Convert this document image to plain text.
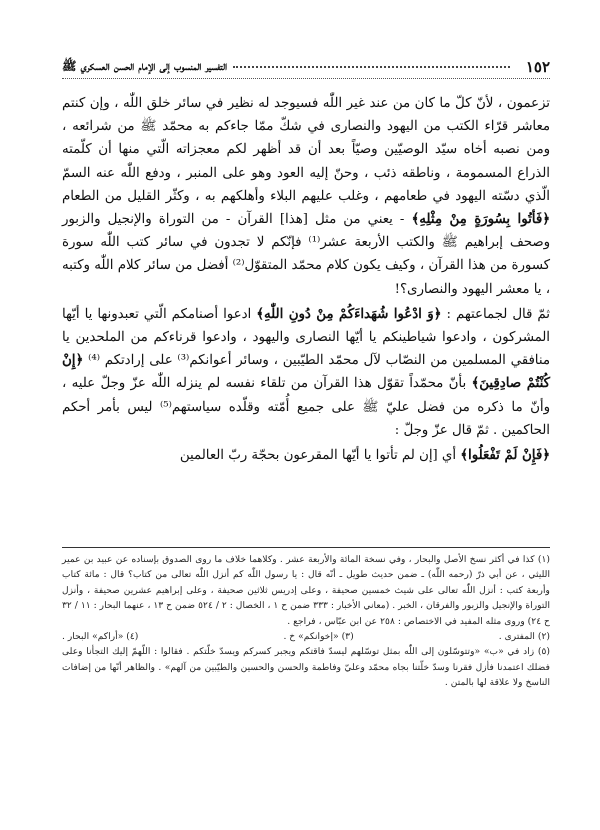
١٥٢
التفسير المنسوب إلى الإمام الحسن العسكري ﷺ

تزعمون ، لأنّ كلّ ما كان من عند غير اللّٰه فسيوجد له نظير في سائر خلق اللّٰه ، وإن كنتم معاشر قرّاء الكتب من اليهود والنصارى في شكّ ممّا جاءكم به محمّد ﷺ من شرائعه ، ومن نصبه أخاه سيّد الوصيّين وصيّاً بعد أن قد أظهر لكم معجزاته الّتي منها أن كلّمته الذراع المسمومة ، وناطقه ذئب ، وحنّ إليه العود وهو على المنبر ، ودفع اللّٰه عنه السمّ الّذي دسّته اليهود في طعامهم ، وغلب عليهم البلاء وأهلكهم به ، وكثّر القليل من الطعام ﴿فَأتُوا بِسُورَةٍ مِنْ مِثْلِهِ﴾ - يعني من مثل [هذا] القرآن - من التوراة والإنجيل والزبور وصحف إبراهيم ﷺ والكتب الأربعة عشر⁽¹⁾ فإنّكم لا تجدون في سائر كتب اللّٰه سورة كسورة من هذا القرآن ، وكيف يكون كلام محمّد المتقوّل⁽²⁾ أفضل من سائر كلام اللّٰه وكتبه ، يا معشر اليهود والنصارى؟!

ثمّ قال لجماعتهم : ﴿وَ ادْعُوا شُهَداءَكُمْ مِنْ دُونِ اللّٰهِ﴾ ادعوا أصنامكم الّتي تعبدونها يا أيّها المشركون ، وادعوا شياطينكم يا أيّها النصارى واليهود ، وادعوا قرناءكم من الملحدين يا منافقي المسلمين من النصّاب لآل محمّد الطيّبين ، وسائر أعوانكم⁽³⁾ على إرادتكم ⁽⁴⁾ ﴿إِنْ كُنْتُمْ صادِقِينَ﴾ بأنّ محمّداً تقوّل هذا القرآن من تلقاء نفسه لم ينزله اللّٰه عزّ وجلّ عليه ، وأنّ ما ذكره من فضل عليّ ﷺ على جميع أُمّته وقلّده سياستهم⁽⁵⁾ ليس بأمر أحكم الحاكمين . ثمّ قال عزّ وجلّ :

﴿فَإِنْ لَمْ تَفْعَلُوا﴾ أي [إن لم تأتوا يا أيّها المقرعون بحجّة ربّ العالمين

(١) كذا في أكثر نسخ الأصل والبحار ، وفي نسخة المائة والأربعة عشر . وكلاهما خلاف ما روى الصدوق بإسناده عن عبيد بن عمير الليثي ، عن أبي ذرّ (رحمه اللّٰه) ـ ضمن حديث طويل ـ أنّه قال : يا رسول اللّٰه كم أنزل اللّٰه تعالى من كتاب؟ قال : مائة كتاب وأربعة كتب : أنزل اللّٰه تعالى على شيث خمسين صحيفة ، وعلى إدريس ثلاثين صحيفة ، وعلى إبراهيم عشرين صحيفة ، وأنزل التوراة والإنجيل والزبور والفرقان ، الخبر . (معاني الأخبار : ٣٣٣ ضمن ح ١ ، الخصال : ٢ / ٥٢٤ ضمن ح ١٣ ، عنهما البحار : ١١ / ٣٢ ح ٢٤) وروى مثله المفيد في الاختصاص : ٢٥٨ عن ابن عبّاس ، فراجع .

(٢) المفترى .
(٣) «إخوانكم» خ .
(٤) «أراكم» البحار .

(٥) زاد في «ب» «وتتوسّلون إلى اللّٰه بمثل توسّلهم ليسدّ فاقتكم ويجبر كسركم ويسدّ خلّتكم . فقالوا : اللّهمّ إليك التجأنا وعلى فضلك اعتمدنا فأزل فقرنا وسدّ خلّتنا بجاه محمّد وعليّ وفاطمة والحسن والحسين والطيّبين من آلهم» . والظاهر أنّها من إضافات الناسخ ولا علاقة لها بالمتن .
